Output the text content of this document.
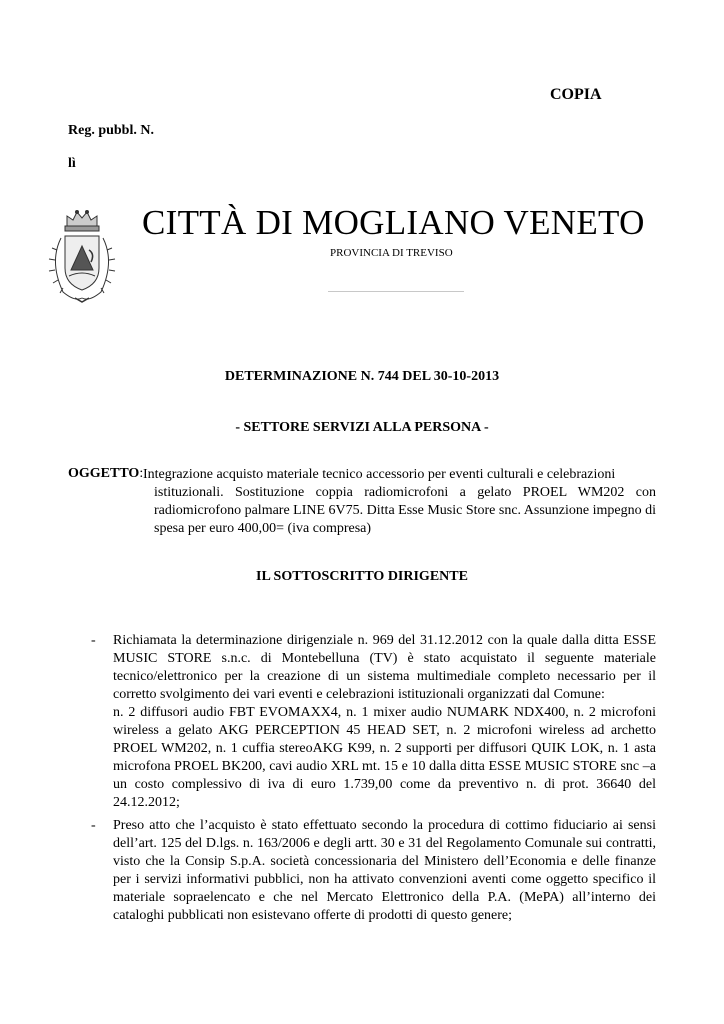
COPIA
Reg. pubbl. N.
lì
CITTÀ DI MOGLIANO VENETO
PROVINCIA DI TREVISO
DETERMINAZIONE N. 744 DEL 30-10-2013
- SETTORE SERVIZI ALLA PERSONA -
OGGETTO: Integrazione acquisto materiale tecnico accessorio per eventi culturali e celebrazioni
istituzionali. Sostituzione coppia radiomicrofoni a gelato PROEL WM202 con radiomicrofono palmare LINE 6V75. Ditta Esse Music Store snc. Assunzione impegno di spesa per euro 400,00= (iva compresa)
IL SOTTOSCRITTO DIRIGENTE
- Richiamata la determinazione dirigenziale n. 969 del 31.12.2012 con la quale dalla ditta ESSE MUSIC STORE s.n.c. di Montebelluna (TV) è stato acquistato il seguente materiale tecnico/elettronico per la creazione di un sistema multimediale completo necessario per il corretto svolgimento dei vari eventi e celebrazioni istituzionali organizzati dal Comune:
n. 2 diffusori audio FBT EVOMAXX4, n. 1 mixer audio NUMARK NDX400, n. 2 microfoni wireless a gelato AKG PERCEPTION 45 HEAD SET, n. 2 microfoni wireless ad archetto PROEL WM202, n. 1 cuffia stereoAKG K99, n. 2 supporti per diffusori QUIK LOK, n. 1 asta microfona PROEL BK200, cavi audio XRL mt. 15 e 10 dalla ditta ESSE MUSIC STORE snc –a un costo complessivo di iva di euro 1.739,00 come da preventivo n. di prot. 36640 del 24.12.2012;
- Preso atto che l’acquisto è stato effettuato secondo la procedura di cottimo fiduciario ai sensi dell’art. 125 del D.lgs. n. 163/2006 e degli artt. 30 e 31 del Regolamento Comunale sui contratti, visto che la Consip S.p.A. società concessionaria del Ministero dell’Economia e delle finanze per i servizi informativi pubblici, non ha attivato convenzioni aventi come oggetto specifico il materiale sopraelencato e che nel Mercato Elettronico della P.A. (MePA) all’interno dei cataloghi pubblicati non esistevano offerte di prodotti di questo genere;
